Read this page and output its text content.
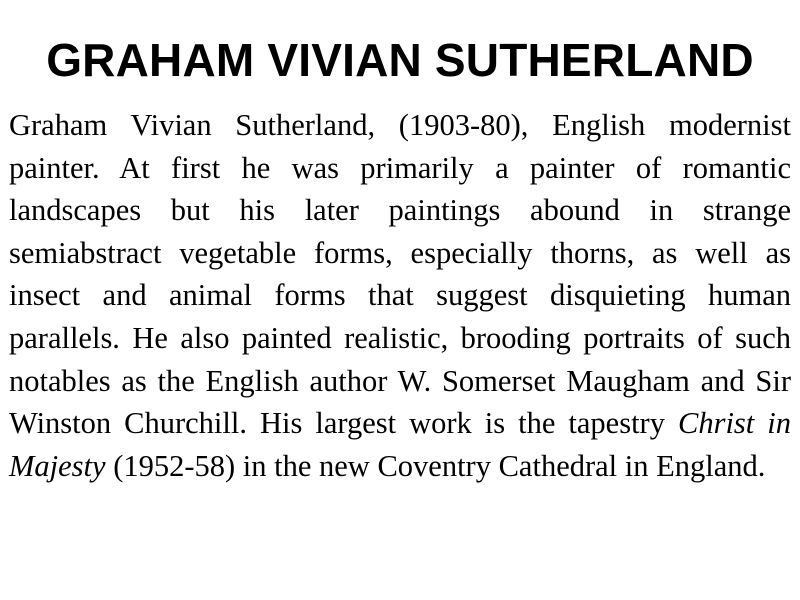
GRAHAM VIVIAN SUTHERLAND

Graham Vivian Sutherland, (1903-80), English modernist painter. At first he was primarily a painter of romantic landscapes but his later paintings abound in strange semiabstract vegetable forms, especially thorns, as well as insect and animal forms that suggest disquieting human parallels. He also painted realistic, brooding portraits of such notables as the English author W. Somerset Maugham and Sir Winston Churchill. His largest work is the tapestry Christ in Majesty (1952-58) in the new Coventry Cathedral in England.
